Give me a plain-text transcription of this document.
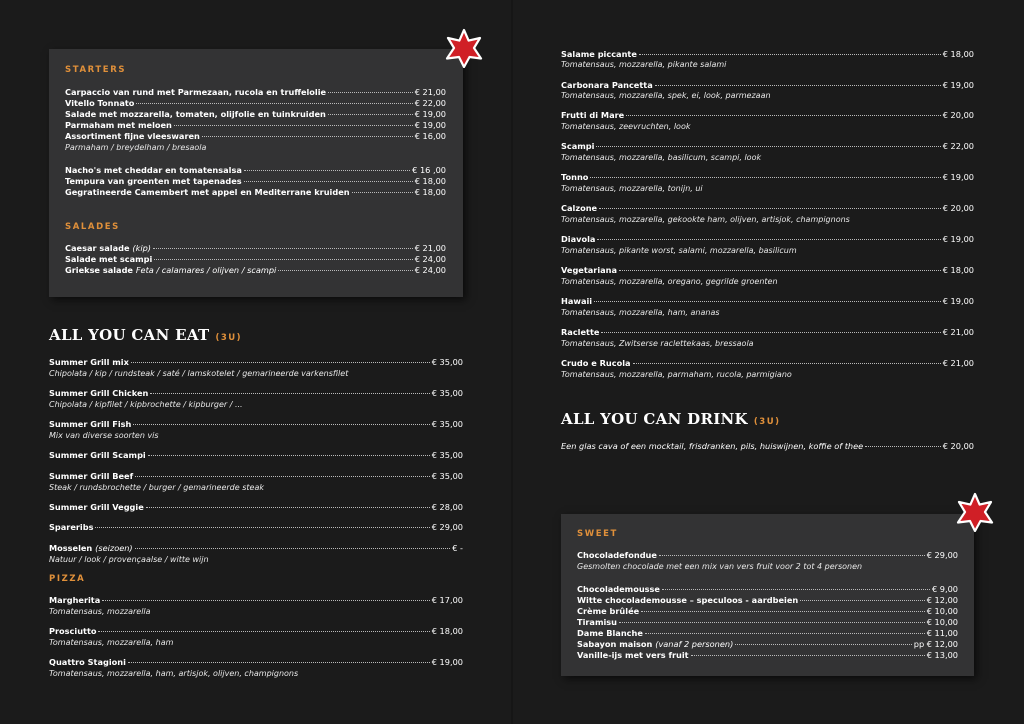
STARTERS
Carpaccio van rund met Parmezaan, rucola en truffelolie	€ 21,00
Vitello Tonnato	€ 22,00
Salade met mozzarella, tomaten, olijfolie en tuinkruiden	€ 19,00
Parmaham met meloen	€ 19,00
Assortiment fijne vleeswaren	€ 16,00
Parmaham / breydelham / bresaola
Nacho's met cheddar en tomatensalsa	€ 16 ,00
Tempura van groenten met tapenades	€ 18,00
Gegratineerde Camembert met appel en Mediterrane kruiden	€ 18,00
SALADES
Caesar salade (kip)	€ 21,00
Salade met scampi	€ 24,00
Griekse salade Feta / calamares / olijven / scampi	€ 24,00
ALL YOU CAN EAT (3U)
Summer Grill mix	€ 35,00
Chipolata / kip / rundsteak / saté / lamskotelet / gemarineerde varkensfilet
Summer Grill Chicken	€ 35,00
Chipolata / kipfilet / kipbrochette / kipburger / ...
Summer Grill Fish	€ 35,00
Mix van diverse soorten vis
Summer Grill Scampi	€ 35,00
Summer Grill Beef	€ 35,00
Steak / rundsbrochette / burger / gemarineerde steak
Summer Grill Veggie	€ 28,00
Spareribs	€ 29,00
Mosselen (seizoen)	€ -
Natuur / look / provençaalse / witte wijn
PIZZA
Margherita	€ 17,00
Tomatensaus, mozzarella
Prosciutto	€ 18,00
Tomatensaus, mozzarella, ham
Quattro Stagioni	€ 19,00
Tomatensaus, mozzarella, ham, artisjok, olijven, champignons
Salame piccante	€ 18,00
Tomatensaus, mozzarella, pikante salami
Carbonara Pancetta	€ 19,00
Tomatensaus, mozzarella, spek, ei, look, parmezaan
Frutti di Mare	€ 20,00
Tomatensaus, zeevruchten, look
Scampi	€ 22,00
Tomatensaus, mozzarella, basilicum, scampi, look
Tonno	€ 19,00
Tomatensaus, mozzarella, tonijn, ui
Calzone	€ 20,00
Tomatensaus, mozzarella, gekookte ham, olijven, artisjok, champignons
Diavola	€ 19,00
Tomatensaus, pikante worst, salami, mozzarella, basilicum
Vegetariana	€ 18,00
Tomatensaus, mozzarella, oregano, gegrilde groenten
Hawaii	€ 19,00
Tomatensaus, mozzarella, ham, ananas
Raclette	€ 21,00
Tomatensaus, Zwitserse raclettekaas, bressaola
Crudo e Rucola	€ 21,00
Tomatensaus, mozzarella, parmaham, rucola, parmigiano
ALL YOU CAN DRINK (3U)
Een glas cava of een mocktail, frisdranken, pils, huiswijnen, koffie of thee	€ 20,00
SWEET
Chocoladefondue	€ 29,00
Gesmolten chocolade met een mix van vers fruit voor 2 tot 4 personen
Chocolademousse	€ 9,00
Witte chocolademousse – speculoos - aardbeien	€ 12,00
Crème brûlée	€ 10,00
Tiramisu	€ 10,00
Dame Blanche	€ 11,00
Sabayon maison (vanaf 2 personen)	pp € 12,00
Vanille-ijs met vers fruit	€ 13,00
